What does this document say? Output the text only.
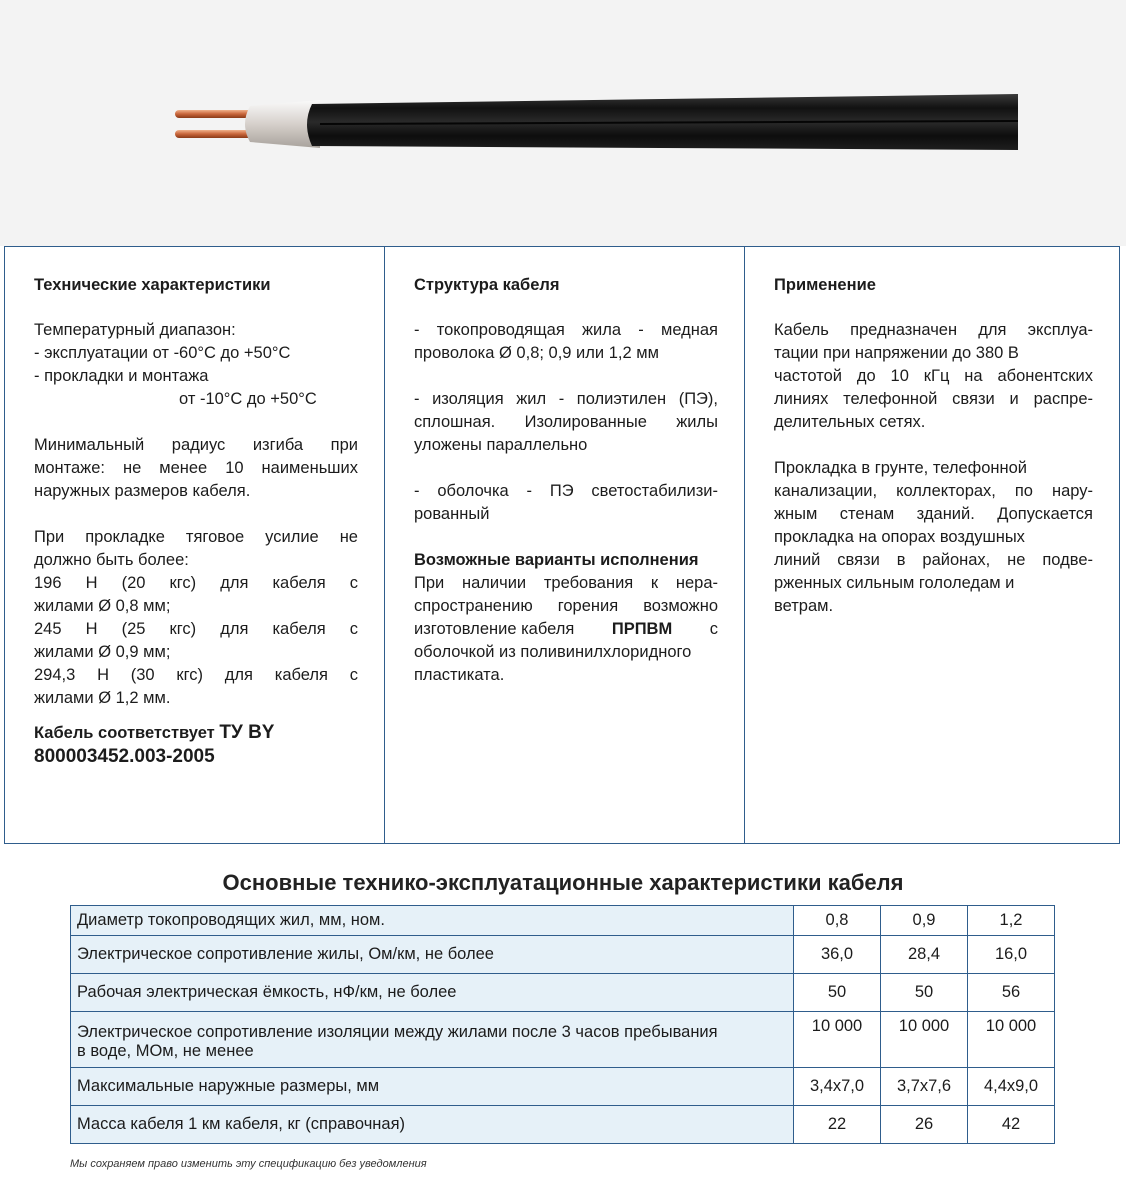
Технические характеристики
Температурный диапазон:
- эксплуатации от -60°С до +50°С
- прокладки и монтажа
от -10°С до +50°С
Минимальный радиус изгиба при
монтаже: не менее 10 наименьших
наружных размеров кабеля.
При прокладке тяговое усилие не
должно быть более:
196 Н (20 кгс) для кабеля с
жилами Ø 0,8 мм;
245 Н (25 кгс) для кабеля с
жилами Ø 0,9 мм;
294,3 Н (30 кгс) для кабеля с
жилами Ø 1,2 мм.
Кабель соответствует ТУ BY 800003452.003-2005
Структура кабеля
- токопроводящая жила - медная
проволока Ø 0,8; 0,9 или 1,2 мм
- изоляция жил - полиэтилен (ПЭ),
сплошная. Изолированные жилы
уложены параллельно
- оболочка - ПЭ светостабилизи-
рованный
Возможные варианты исполнения
При наличии требования к нера-
спространению горения возможно
изготовление кабеля ПРПВМ с
оболочкой из поливинилхлоридного
пластиката.
Применение
Кабель предназначен для эксплуа-
тации при напряжении до 380 В
частотой до 10 кГц на абонентских
линиях телефонной связи и распре-
делительных сетях.
Прокладка в грунте, телефонной
канализации, коллекторах, по нару-
жным стенам зданий. Допускается
прокладка на опорах воздушных
линий связи в районах, не подве-
рженных сильным гололедам и
ветрам.
Основные технико-эксплуатационные характеристики кабеля
Диаметр токопроводящих жил, мм, ном.	0,8	0,9	1,2
Электрическое сопротивление жилы, Ом/км, не более	36,0	28,4	16,0
Рабочая электрическая ёмкость, нФ/км, не более	50	50	56
Электрическое сопротивление изоляции между жилами после 3 часов пребывания в воде, МОм, не менее	10 000	10 000	10 000
Максимальные наружные размеры, мм	3,4x7,0	3,7x7,6	4,4x9,0
Масса кабеля 1 км кабеля, кг (справочная)	22	26	42
Мы сохраняем право изменить эту спецификацию без уведомления
